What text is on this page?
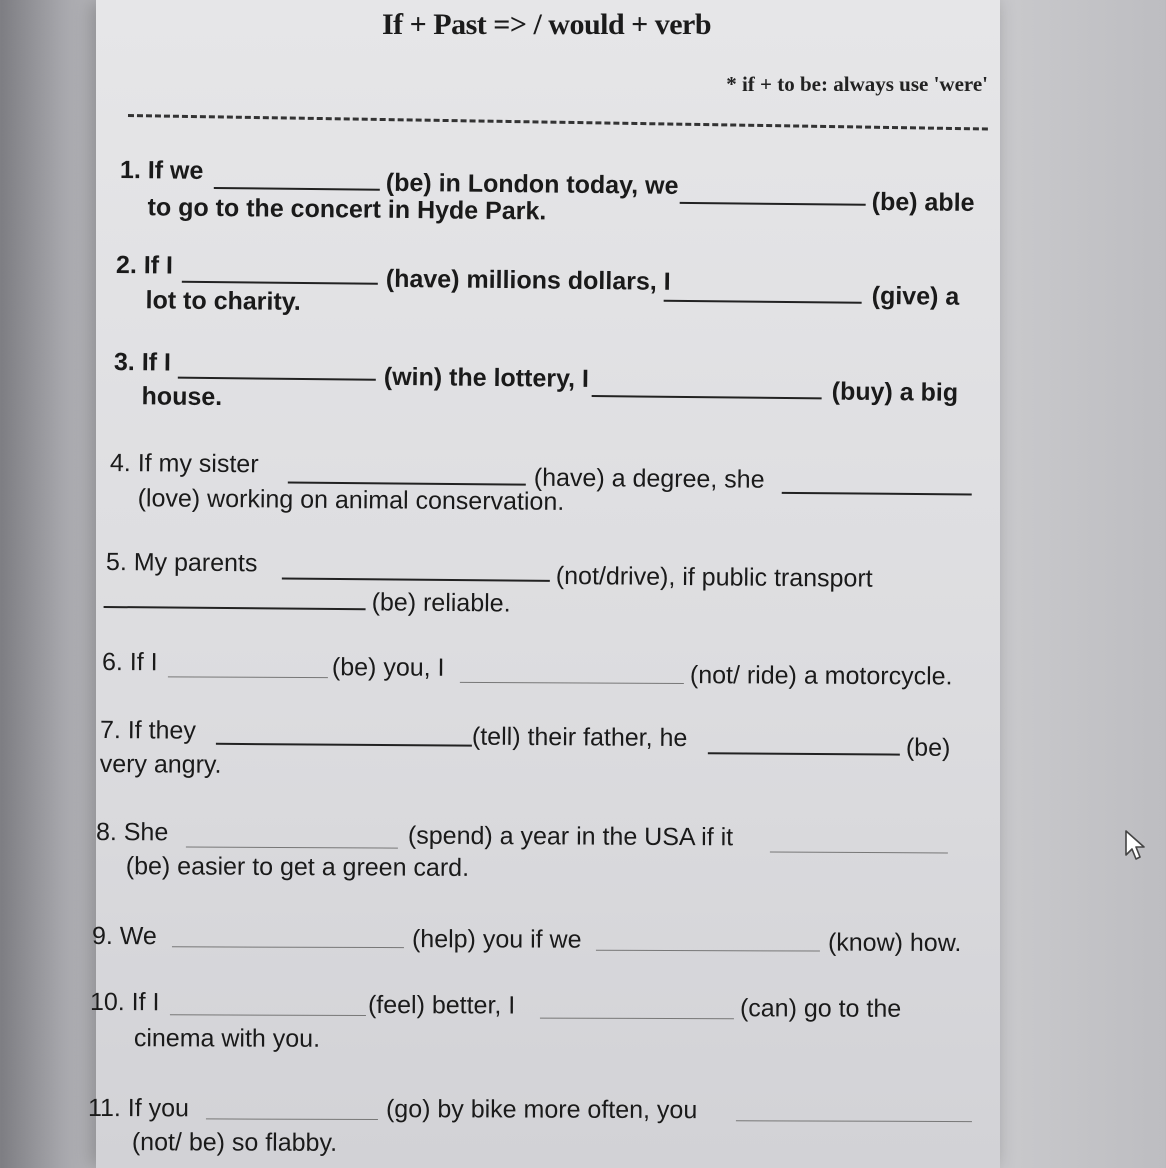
If + Past => / would + verb
* if + to be: always use 'were'
1. If we	(be) in London today, we
(be) able
to go to the concert in Hyde Park.
2. If I	(have) millions dollars, I
(give) a
lot to charity.
3. If I
(win) the lottery, I	(buy) a big
house.
4. If my sister
(have) a degree, she
(love) working on animal conservation.
5. My parents	(not/drive), if public transport
(be) reliable.
6. If I	(be) you, I	(not/ ride) a motorcycle.
7. If they	(tell) their father, he	(be)
very angry.
8. She	(spend) a year in the USA if it
(be) easier to get a green card.
9. We	(help) you if we	(know) how.
10. If I	(feel) better, I	(can) go to the
cinema with you.
11. If you	(go) by bike more often, you
(not/ be) so flabby.
